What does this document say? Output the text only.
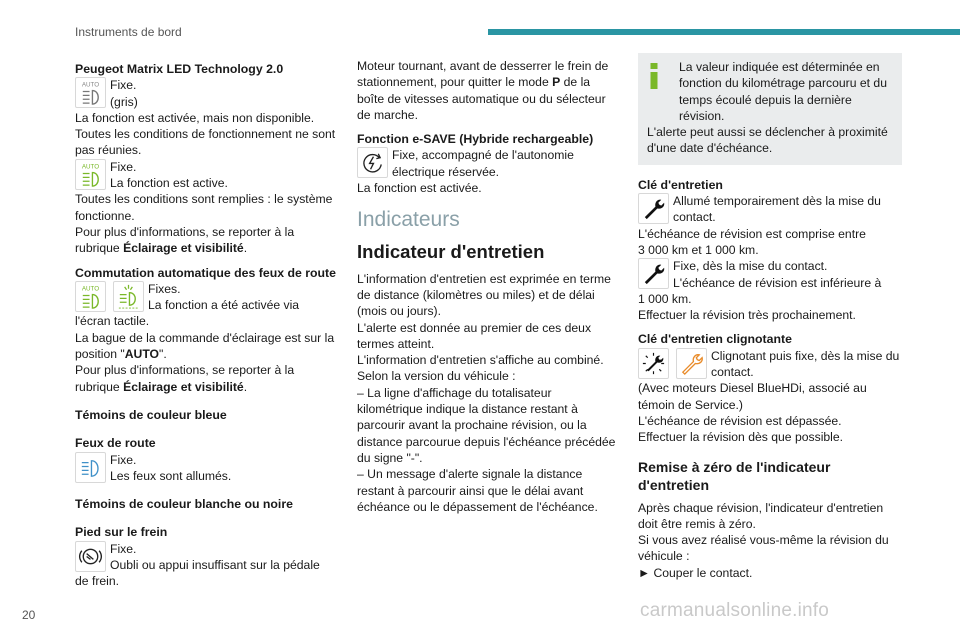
Instruments de bord
Peugeot Matrix LED Technology 2.0
AUTO Fixe.
(gris)
La fonction est activée, mais non disponible.
Toutes les conditions de fonctionnement ne sont pas réunies.
AUTO Fixe.
La fonction est active.
Toutes les conditions sont remplies : le système fonctionne.
Pour plus d'informations, se reporter à la rubrique Éclairage et visibilité.
Commutation automatique des feux de route
AUTO	Fixes.
La fonction a été activée via
l'écran tactile.
La bague de la commande d'éclairage est sur la position "AUTO".
Pour plus d'informations, se reporter à la rubrique Éclairage et visibilité.
Témoins de couleur bleue
Feux de route
Fixe.
Les feux sont allumés.
Témoins de couleur blanche ou noire
Pied sur le frein
Fixe.
Oubli ou appui insuffisant sur la pédale
de frein.
Moteur tournant, avant de desserrer le frein de stationnement, pour quitter le mode P de la boîte de vitesses automatique ou du sélecteur de marche.
Fonction e-SAVE (Hybride rechargeable)
Fixe, accompagné de l'autonomie
électrique réservée.
La fonction est activée.
Indicateurs
Indicateur d'entretien
L'information d'entretien est exprimée en terme de distance (kilomètres ou miles) et de délai (mois ou jours).
L'alerte est donnée au premier de ces deux termes atteint.
L'information d'entretien s'affiche au combiné.
Selon la version du véhicule :
– La ligne d'affichage du totalisateur kilométrique indique la distance restant à parcourir avant la prochaine révision, ou la distance parcourue depuis l'échéance précédée du signe "-".
– Un message d'alerte signale la distance restant à parcourir ainsi que le délai avant échéance ou le dépassement de l'échéance.
La valeur indiquée est déterminée en fonction du kilométrage parcouru et du temps écoulé depuis la dernière révision.
L'alerte peut aussi se déclencher à proximité d'une date d'échéance.
Clé d'entretien
Allumé temporairement dès la mise du
contact.
L'échéance de révision est comprise entre
3 000 km et 1 000 km.
Fixe, dès la mise du contact.
L'échéance de révision est inférieure à
1 000 km.
Effectuer la révision très prochainement.
Clé d'entretien clignotante
Clignotant puis fixe, dès la mise du
contact.
(Avec moteurs Diesel BlueHDi, associé au témoin de Service.)
L'échéance de révision est dépassée.
Effectuer la révision dès que possible.
Remise à zéro de l'indicateur d'entretien
Après chaque révision, l'indicateur d'entretien doit être remis à zéro.
Si vous avez réalisé vous-même la révision du véhicule :
► Couper le contact.
20	carmanualsonline.info
